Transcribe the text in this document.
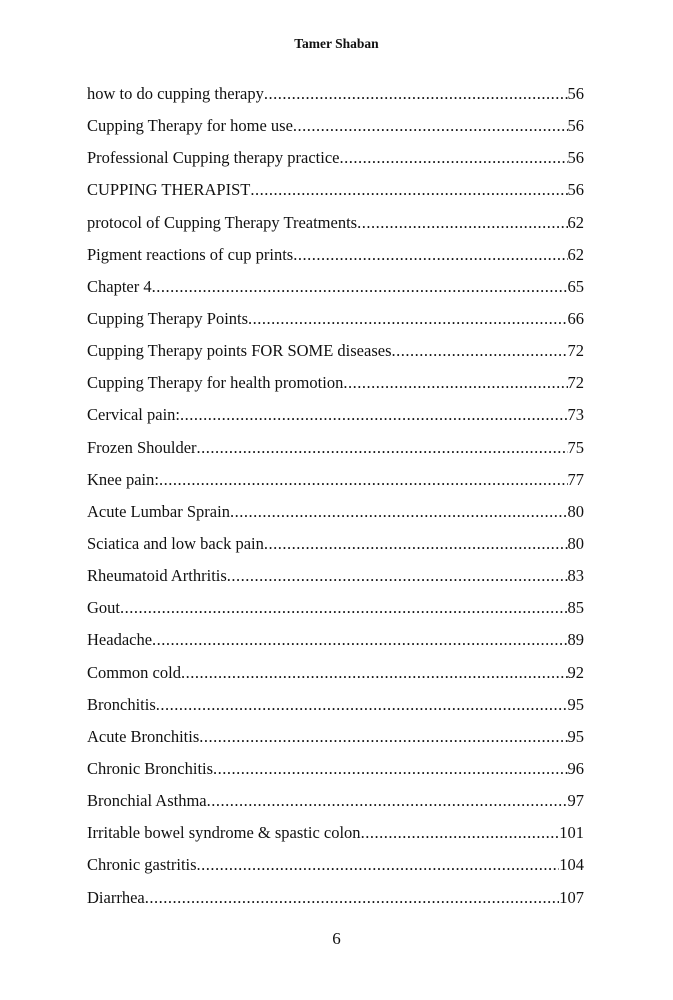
Tamer Shaban
how to do cupping therapy .....	56
Cupping Therapy for home use .....	56
Professional Cupping therapy practice .....	56
CUPPING THERAPIST .....	56
protocol of Cupping Therapy Treatments .....	62
Pigment reactions of cup prints .....	62
Chapter 4 .....	65
Cupping Therapy Points .....	66
Cupping Therapy points FOR SOME diseases .....	72
Cupping Therapy for health promotion .....	72
Cervical pain: .....	73
Frozen Shoulder .....	75
Knee pain: .....	77
Acute Lumbar Sprain .....	80
Sciatica and low back pain .....	80
Rheumatoid Arthritis .....	83
Gout .....	85
Headache .....	89
Common cold .....	92
Bronchitis .....	95
Acute Bronchitis .....	95
Chronic Bronchitis .....	96
Bronchial Asthma .....	97
Irritable bowel syndrome & spastic colon .....	101
Chronic gastritis .....	104
Diarrhea .....	107
6
